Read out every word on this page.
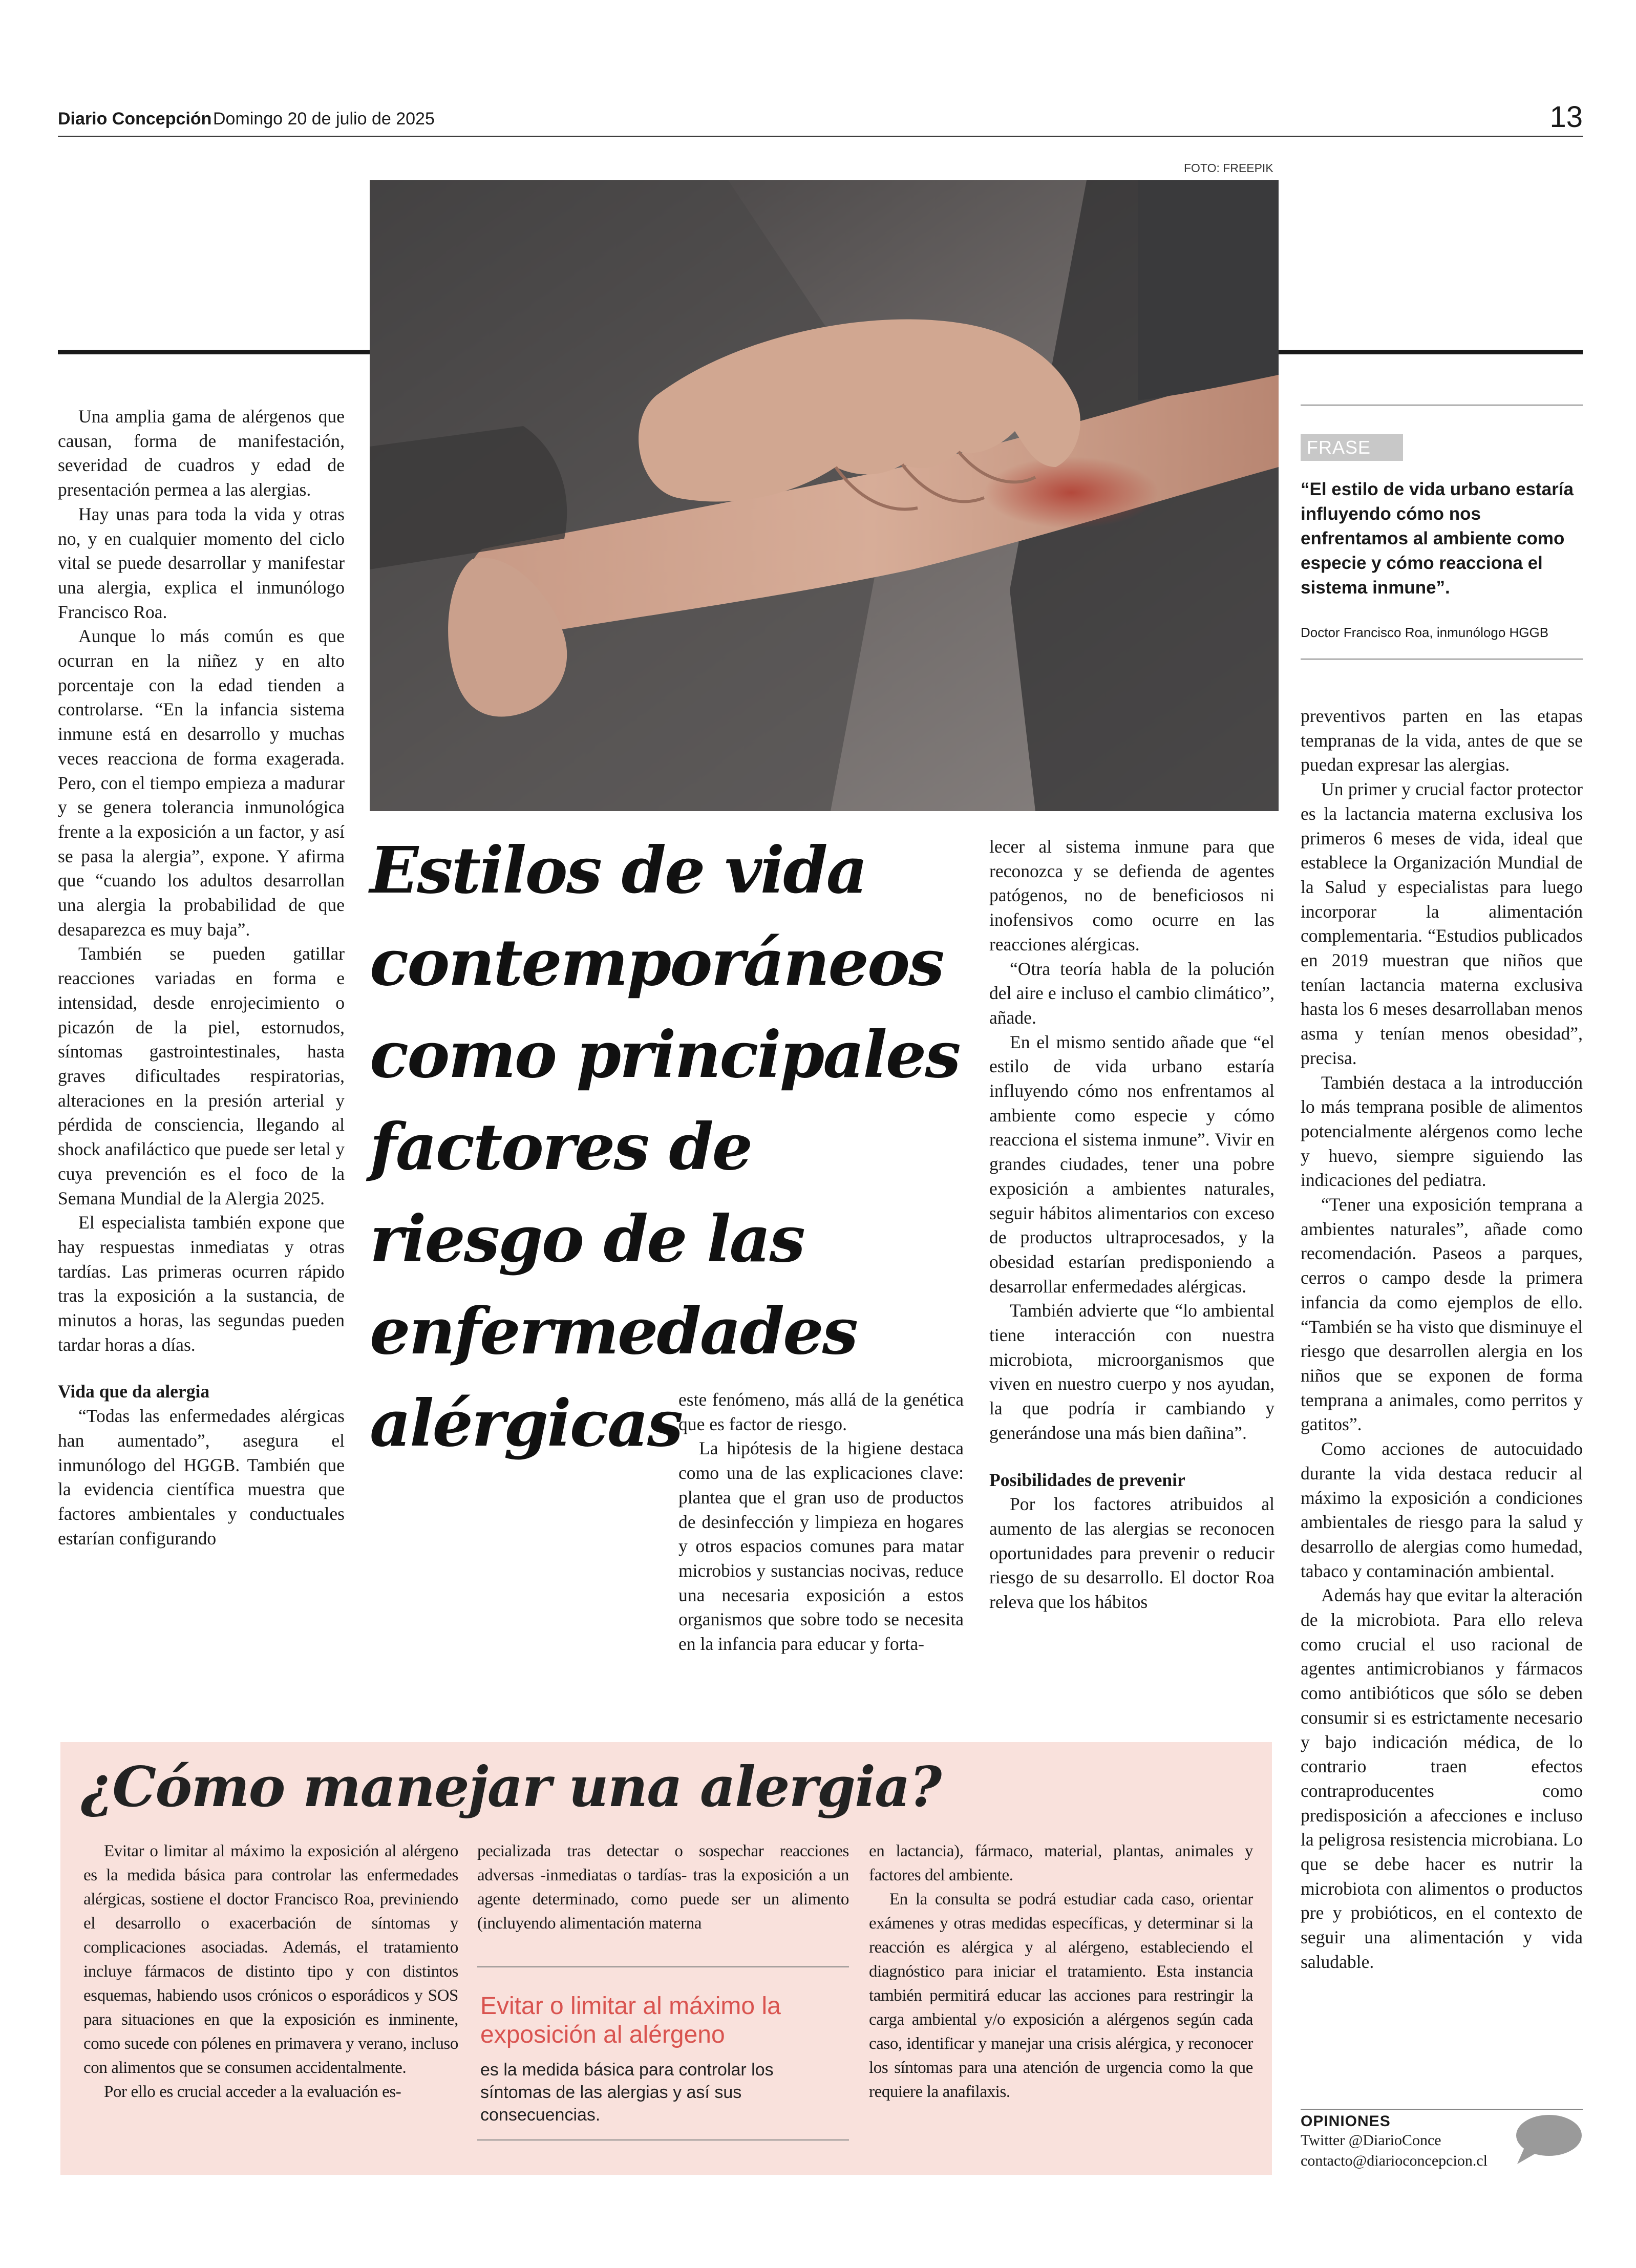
Diario Concepción Domingo 20 de julio de 2025	13
FOTO: FREEPIK
Estilos de vida contemporáneos como principales factores de riesgo de las enfermedades alérgicas

Una amplia gama de alérgenos que causan, forma de manifestación, severidad de cuadros y edad de presentación permea a las alergias.

Hay unas para toda la vida y otras no, y en cualquier momento del ciclo vital se puede desarrollar y manifestar una alergia, explica el inmunólogo Francisco Roa.

Aunque lo más común es que ocurran en la niñez y en alto porcentaje con la edad tienden a controlarse. “En la infancia sistema inmune está en desarrollo y muchas veces reacciona de forma exagerada. Pero, con el tiempo empieza a madurar y se genera tolerancia inmunológica frente a la exposición a un factor, y así se pasa la alergia”, expone. Y afirma que “cuando los adultos desarrollan una alergia la probabilidad de que desaparezca es muy baja”.

También se pueden gatillar reacciones variadas en forma e intensidad, desde enrojecimiento o picazón de la piel, estornudos, síntomas gastrointestinales, hasta graves dificultades respiratorias, alteraciones en la presión arterial y pérdida de consciencia, llegando al shock anafiláctico que puede ser letal y cuya prevención es el foco de la Semana Mundial de la Alergia 2025.

El especialista también expone que hay respuestas inmediatas y otras tardías. Las primeras ocurren rápido tras la exposición a la sustancia, de minutos a horas, las segundas pueden tardar horas a días.

Vida que da alergia

“Todas las enfermedades alérgicas han aumentado”, asegura el inmunólogo del HGGB. También que la evidencia científica muestra que factores ambientales y conductuales estarían configurando

este fenómeno, más allá de la genética que es factor de riesgo.

La hipótesis de la higiene destaca como una de las explicaciones clave: plantea que el gran uso de productos de desinfección y limpieza en hogares y otros espacios comunes para matar microbios y sustancias nocivas, reduce una necesaria exposición a estos organismos que sobre todo se necesita en la infancia para educar y forta-

lecer al sistema inmune para que reconozca y se defienda de agentes patógenos, no de beneficiosos ni inofensivos como ocurre en las reacciones alérgicas.

“Otra teoría habla de la polución del aire e incluso el cambio climático”, añade.

En el mismo sentido añade que “el estilo de vida urbano estaría influyendo cómo nos enfrentamos al ambiente como especie y cómo reacciona el sistema inmune”. Vivir en grandes ciudades, tener una pobre exposición a ambientes naturales, seguir hábitos alimentarios con exceso de productos ultraprocesados, y la obesidad estarían predisponiendo a desarrollar enfermedades alérgicas.

También advierte que “lo ambiental tiene interacción con nuestra microbiota, microorganismos que viven en nuestro cuerpo y nos ayudan, la que podría ir cambiando y generándose una más bien dañina”.

Posibilidades de prevenir

Por los factores atribuidos al aumento de las alergias se reconocen oportunidades para prevenir o reducir riesgo de su desarrollo. El doctor Roa releva que los hábitos

FRASE
“El estilo de vida urbano estaría influyendo cómo nos enfrentamos al ambiente como especie y cómo reacciona el sistema inmune”.
Doctor Francisco Roa, inmunólogo HGGB

preventivos parten en las etapas tempranas de la vida, antes de que se puedan expresar las alergias.

Un primer y crucial factor protector es la lactancia materna exclusiva los primeros 6 meses de vida, ideal que establece la Organización Mundial de la Salud y especialistas para luego incorporar la alimentación complementaria. “Estudios publicados en 2019 muestran que niños que tenían lactancia materna exclusiva hasta los 6 meses desarrollaban menos asma y tenían menos obesidad”, precisa.

También destaca a la introducción lo más temprana posible de alimentos potencialmente alérgenos como leche y huevo, siempre siguiendo las indicaciones del pediatra.

“Tener una exposición temprana a ambientes naturales”, añade como recomendación. Paseos a parques, cerros o campo desde la primera infancia da como ejemplos de ello. “También se ha visto que disminuye el riesgo que desarrollen alergia en los niños que se exponen de forma temprana a animales, como perritos y gatitos”.

Como acciones de autocuidado durante la vida destaca reducir al máximo la exposición a condiciones ambientales de riesgo para la salud y desarrollo de alergias como humedad, tabaco y contaminación ambiental.

Además hay que evitar la alteración de la microbiota. Para ello releva como crucial el uso racional de agentes antimicrobianos y fármacos como antibióticos que sólo se deben consumir si es estrictamente necesario y bajo indicación médica, de lo contrario traen efectos contraproducentes como predisposición a afecciones e incluso la peligrosa resistencia microbiana. Lo que se debe hacer es nutrir la microbiota con alimentos o productos pre y probióticos, en el contexto de seguir una alimentación y vida saludable.

¿Cómo manejar una alergia?

Evitar o limitar al máximo la exposición al alérgeno es la medida básica para controlar las enfermedades alérgicas, sostiene el doctor Francisco Roa, previniendo el desarrollo o exacerbación de síntomas y complicaciones asociadas. Además, el tratamiento incluye fármacos de distinto tipo y con distintos esquemas, habiendo usos crónicos o esporádicos y SOS para situaciones en que la exposición es inminente, como sucede con pólenes en primavera y verano, incluso con alimentos que se consumen accidentalmente.

Por ello es crucial acceder a la evaluación es-

pecializada tras detectar o sospechar reacciones adversas -inmediatas o tardías- tras la exposición a un agente determinado, como puede ser un alimento (incluyendo alimentación materna

Evitar o limitar al máximo la exposición al alérgeno
es la medida básica para controlar los síntomas de las alergias y así sus consecuencias.

en lactancia), fármaco, material, plantas, animales y factores del ambiente.

En la consulta se podrá estudiar cada caso, orientar exámenes y otras medidas específicas, y determinar si la reacción es alérgica y al alérgeno, estableciendo el diagnóstico para iniciar el tratamiento. Esta instancia también permitirá educar las acciones para restringir la carga ambiental y/o exposición a alérgenos según cada caso, identificar y manejar una crisis alérgica, y reconocer los síntomas para una atención de urgencia como la que requiere la anafilaxis.

OPINIONES
Twitter @DiarioConce
contacto@diarioconcepcion.cl
